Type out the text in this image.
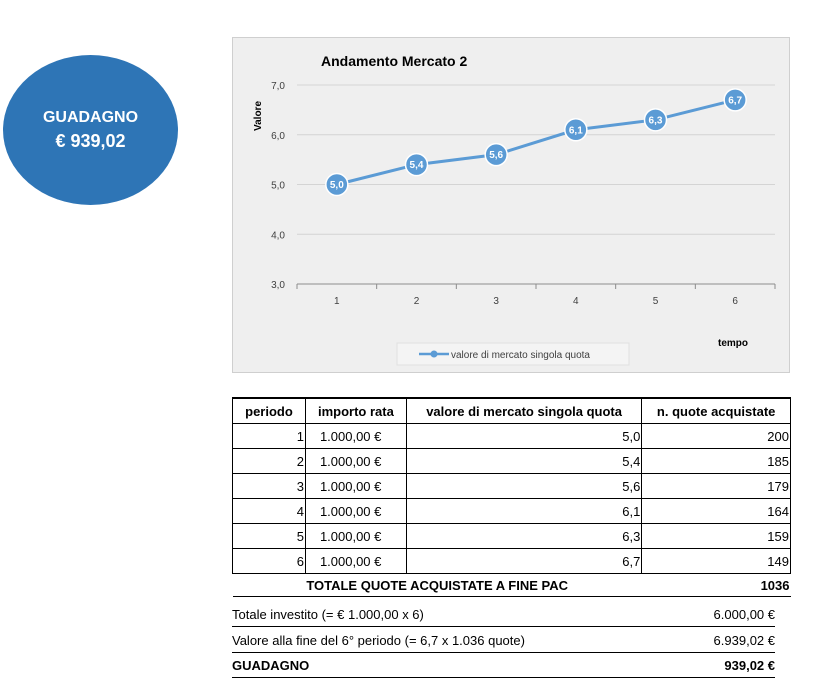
GUADAGNO
€ 939,02
Andamento Mercato 2
Valore
tempo
3,0
4,0
5,0
6,0
7,0
1	2	3	4	5	6
5,0
5,4
5,6
6,1
6,3
6,7
valore di mercato singola quota
periodo	importo rata	valore di mercato singola quota	n. quote acquistate
1	1.000,00 €	5,0	200
2	1.000,00 €	5,4	185
3	1.000,00 €	5,6	179
4	1.000,00 €	6,1	164
5	1.000,00 €	6,3	159
6	1.000,00 €	6,7	149
TOTALE QUOTE ACQUISTATE A FINE PAC			1036
Totale investito (= € 1.000,00 x 6)	6.000,00 €
Valore alla fine del 6° periodo (= 6,7 x 1.036 quote)	6.939,02 €
GUADAGNO	939,02 €
